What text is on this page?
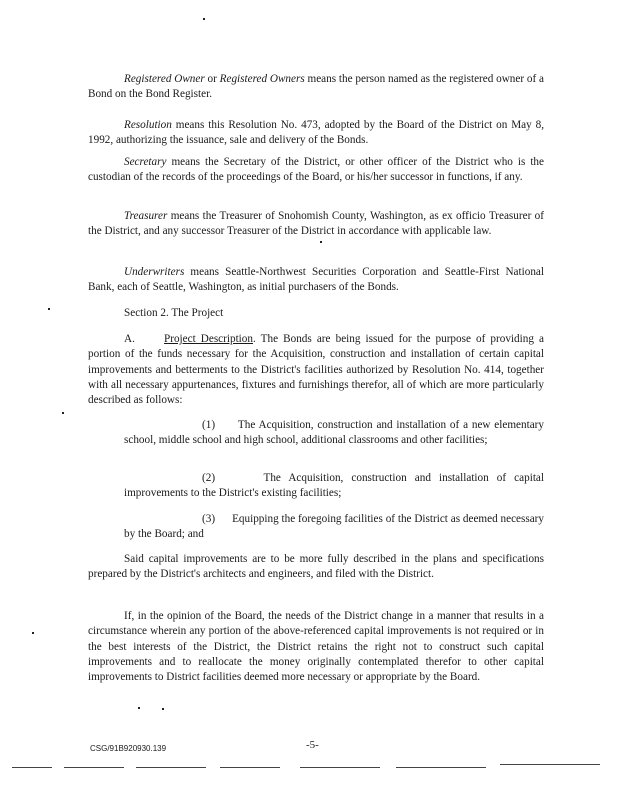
Registered Owner or Registered Owners means the person named as the registered owner of a Bond on the Bond Register.

Resolution means this Resolution No. 473, adopted by the Board of the District on May 8, 1992, authorizing the issuance, sale and delivery of the Bonds.

Secretary means the Secretary of the District, or other officer of the District who is the custodian of the records of the proceedings of the Board, or his/her successor in functions, if any.

Treasurer means the Treasurer of Snohomish County, Washington, as ex officio Treasurer of the District, and any successor Treasurer of the District in accordance with applicable law.

Underwriters means Seattle-Northwest Securities Corporation and Seattle-First National Bank, each of Seattle, Washington, as initial purchasers of the Bonds.

Section 2. The Project

A.	Project Description. The Bonds are being issued for the purpose of providing a portion of the funds necessary for the Acquisition, construction and installation of certain capital improvements and betterments to the District's facilities authorized by Resolution No. 414, together with all necessary appurtenances, fixtures and furnishings therefor, all of which are more particularly described as follows:

(1) The Acquisition, construction and installation of a new elementary school, middle school and high school, additional classrooms and other facilities;

(2)	The Acquisition, construction and installation of capital improvements to the District's existing facilities;

(3) Equipping the foregoing facilities of the District as deemed necessary by the Board; and

Said capital improvements are to be more fully described in the plans and specifications prepared by the District's architects and engineers, and filed with the District.

If, in the opinion of the Board, the needs of the District change in a manner that results in a circumstance wherein any portion of the above-referenced capital improvements is not required or in the best interests of the District, the District retains the right not to construct such capital improvements and to reallocate the money originally contemplated therefor to other capital improvements to District facilities deemed more necessary or appropriate by the Board.

CSG/91B920930.139	-5-
